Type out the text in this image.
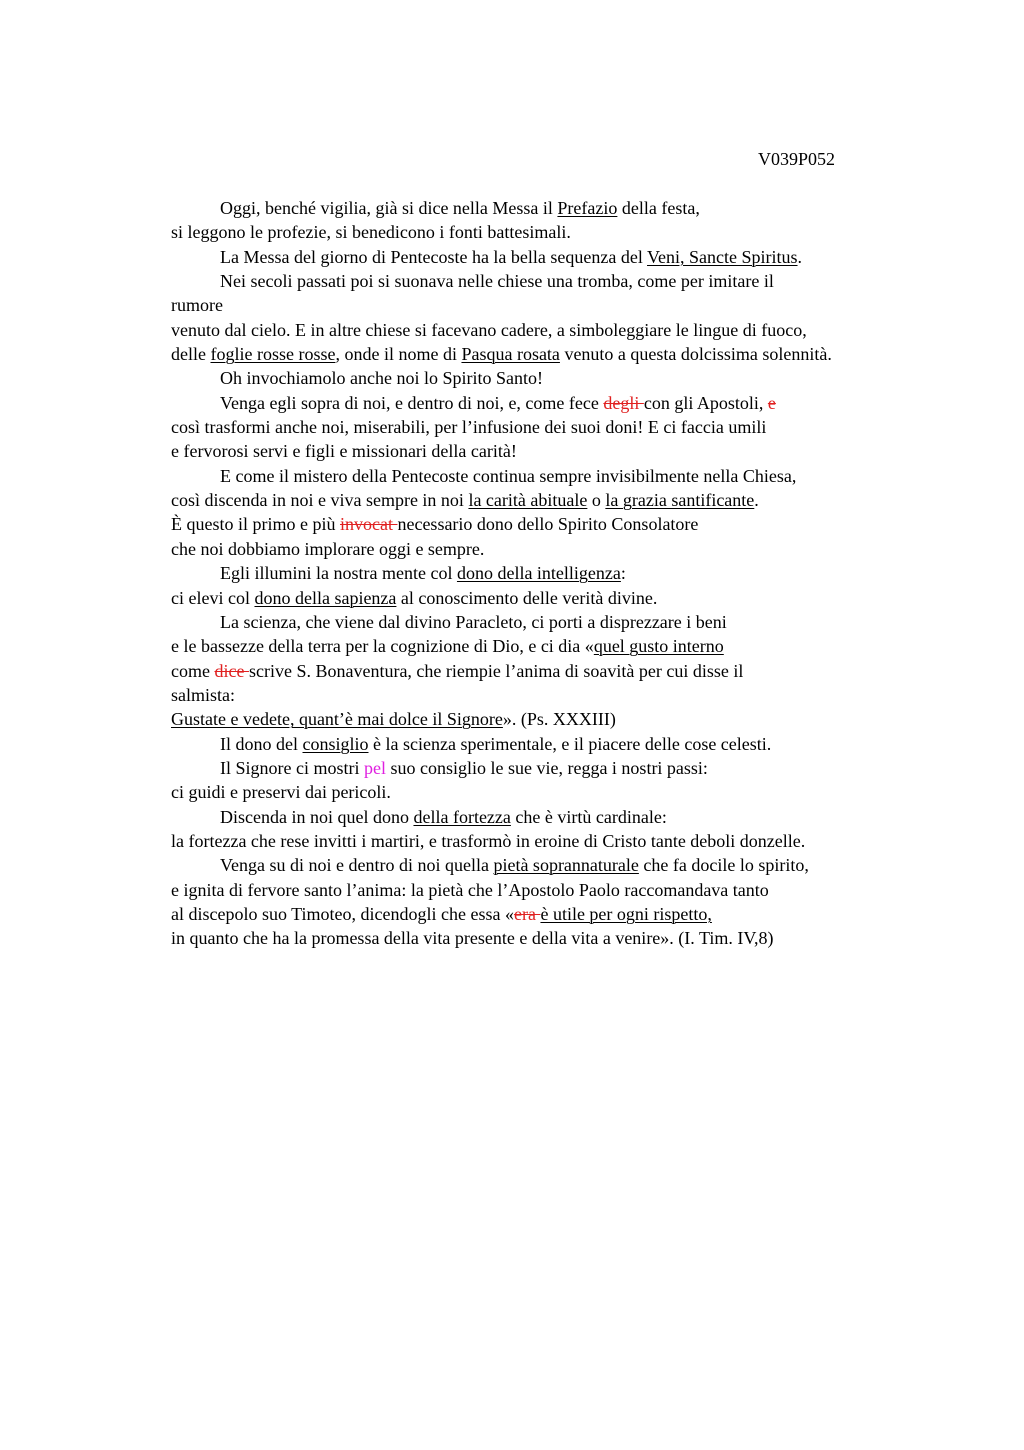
V039P052
Oggi, benché vigilia, già si dice nella Messa il Prefazio della festa,
si leggono le profezie, si benedicono i fonti battesimali.
La Messa del giorno di Pentecoste ha la bella sequenza del Veni, Sancte Spiritus.
Nei secoli passati poi si suonava nelle chiese una tromba, come per imitare il
rumore
venuto dal cielo. E in altre chiese si facevano cadere, a simboleggiare le lingue di fuoco,
delle foglie rosse rosse, onde il nome di Pasqua rosata venuto a questa dolcissima solennità.
Oh invochiamolo anche noi lo Spirito Santo!
Venga egli sopra di noi, e dentro di noi, e, come fece degli con gli Apostoli, e
così trasformi anche noi, miserabili, per l’infusione dei suoi doni! E ci faccia umili
e fervorosi servi e figli e missionari della carità!
E come il mistero della Pentecoste continua sempre invisibilmente nella Chiesa,
così discenda in noi e viva sempre in noi la carità abituale o la grazia santificante.
È questo il primo e più invocat necessario dono dello Spirito Consolatore
che noi dobbiamo implorare oggi e sempre.
Egli illumini la nostra mente col dono della intelligenza:
ci elevi col dono della sapienza al conoscimento delle verità divine.
La scienza, che viene dal divino Paracleto, ci porti a disprezzare i beni
e le bassezze della terra per la cognizione di Dio, e ci dia «quel gusto interno
come dice scrive S. Bonaventura, che riempie l’anima di soavità per cui disse il
salmista:
Gustate e vedete, quant’è mai dolce il Signore». (Ps. XXXIII)
Il dono del consiglio è la scienza sperimentale, e il piacere delle cose celesti.
Il Signore ci mostri pel suo consiglio le sue vie, regga i nostri passi:
ci guidi e preservi dai pericoli.
Discenda in noi quel dono della fortezza che è virtù cardinale:
la fortezza che rese invitti i martiri, e trasformò in eroine di Cristo tante deboli donzelle.
Venga su di noi e dentro di noi quella pietà soprannaturale che fa docile lo spirito,
e ignita di fervore santo l’anima: la pietà che l’Apostolo Paolo raccomandava tanto
al discepolo suo Timoteo, dicendogli che essa «era è utile per ogni rispetto,
in quanto che ha la promessa della vita presente e della vita a venire». (I. Tim. IV,8)
